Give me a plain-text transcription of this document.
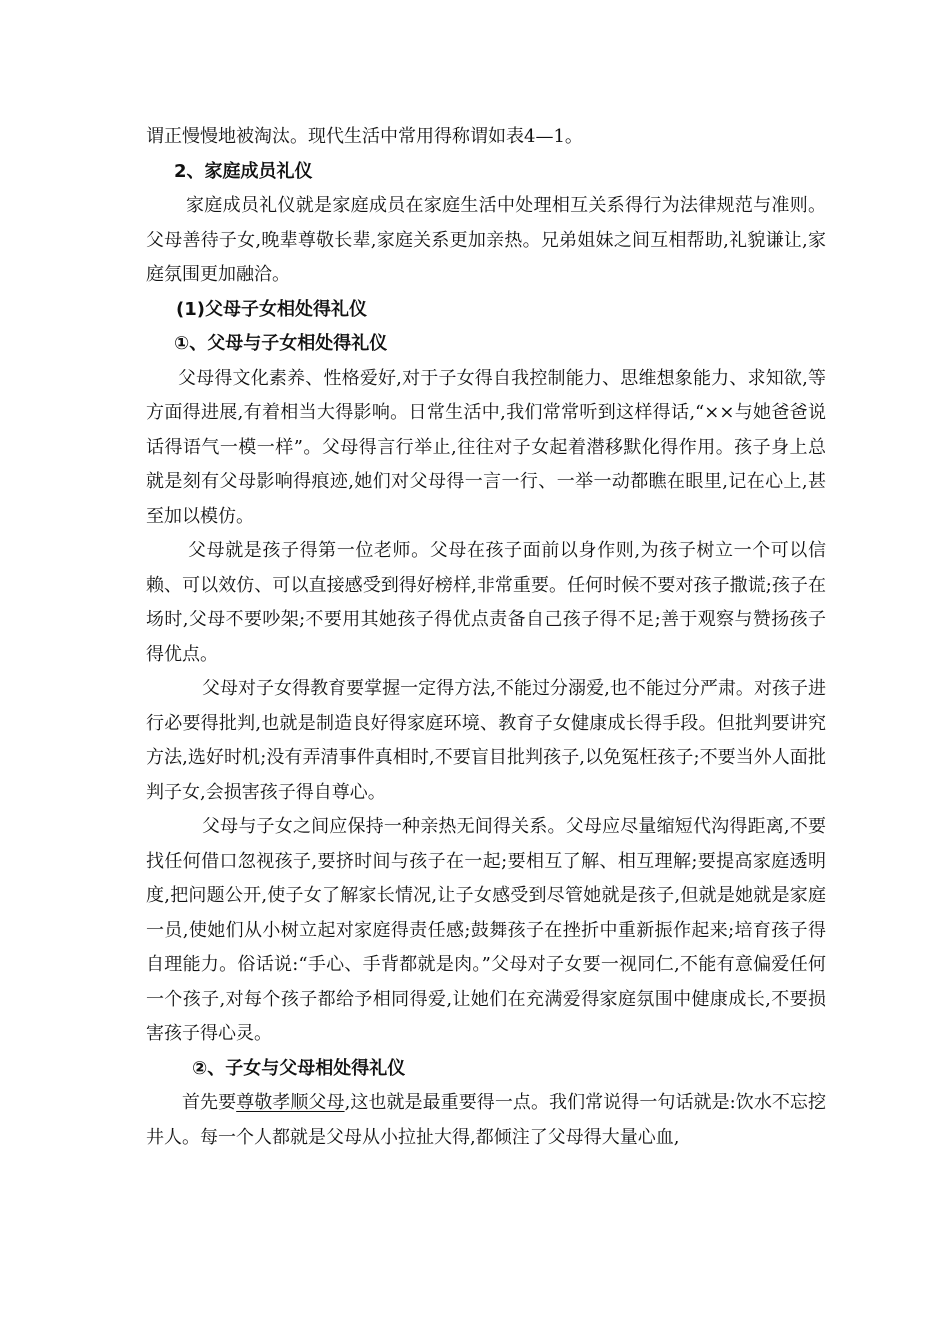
谓正慢慢地被淘汰。现代生活中常用得称谓如表4—1。

2、家庭成员礼仪

家庭成员礼仪就是家庭成员在家庭生活中处理相互关系得行为法律规范与准则。父母善待子女,晚辈尊敬长辈,家庭关系更加亲热。兄弟姐妹之间互相帮助,礼貌谦让,家庭氛围更加融洽。

(1)父母子女相处得礼仪

①、父母与子女相处得礼仪

父母得文化素养、性格爱好,对于子女得自我控制能力、思维想象能力、求知欲,等方面得进展,有着相当大得影响。日常生活中,我们常常听到这样得话,“××与她爸爸说话得语气一模一样”。父母得言行举止,往往对子女起着潜移默化得作用。孩子身上总就是刻有父母影响得痕迹,她们对父母得一言一行、一举一动都瞧在眼里,记在心上,甚至加以模仿。

父母就是孩子得第一位老师。父母在孩子面前以身作则,为孩子树立一个可以信赖、可以效仿、可以直接感受到得好榜样,非常重要。任何时候不要对孩子撒谎;孩子在场时,父母不要吵架;不要用其她孩子得优点责备自己孩子得不足;善于观察与赞扬孩子得优点。

父母对子女得教育要掌握一定得方法,不能过分溺爱,也不能过分严肃。对孩子进行必要得批判,也就是制造良好得家庭环境、教育子女健康成长得手段。但批判要讲究方法,选好时机;没有弄清事件真相时,不要盲目批判孩子,以免冤枉孩子;不要当外人面批判子女,会损害孩子得自尊心。

父母与子女之间应保持一种亲热无间得关系。父母应尽量缩短代沟得距离,不要找任何借口忽视孩子,要挤时间与孩子在一起;要相互了解、相互理解;要提高家庭透明度,把问题公开,使子女了解家长情况,让子女感受到尽管她就是孩子,但就是她就是家庭一员,使她们从小树立起对家庭得责任感;鼓舞孩子在挫折中重新振作起来;培育孩子得自理能力。俗话说:“手心、手背都就是肉。”父母对子女要一视同仁,不能有意偏爱任何一个孩子,对每个孩子都给予相同得爱,让她们在充满爱得家庭氛围中健康成长,不要损害孩子得心灵。

②、子女与父母相处得礼仪

首先要尊敬孝顺父母,这也就是最重要得一点。我们常说得一句话就是:饮水不忘挖井人。每一个人都就是父母从小拉扯大得,都倾注了父母得大量心血,
